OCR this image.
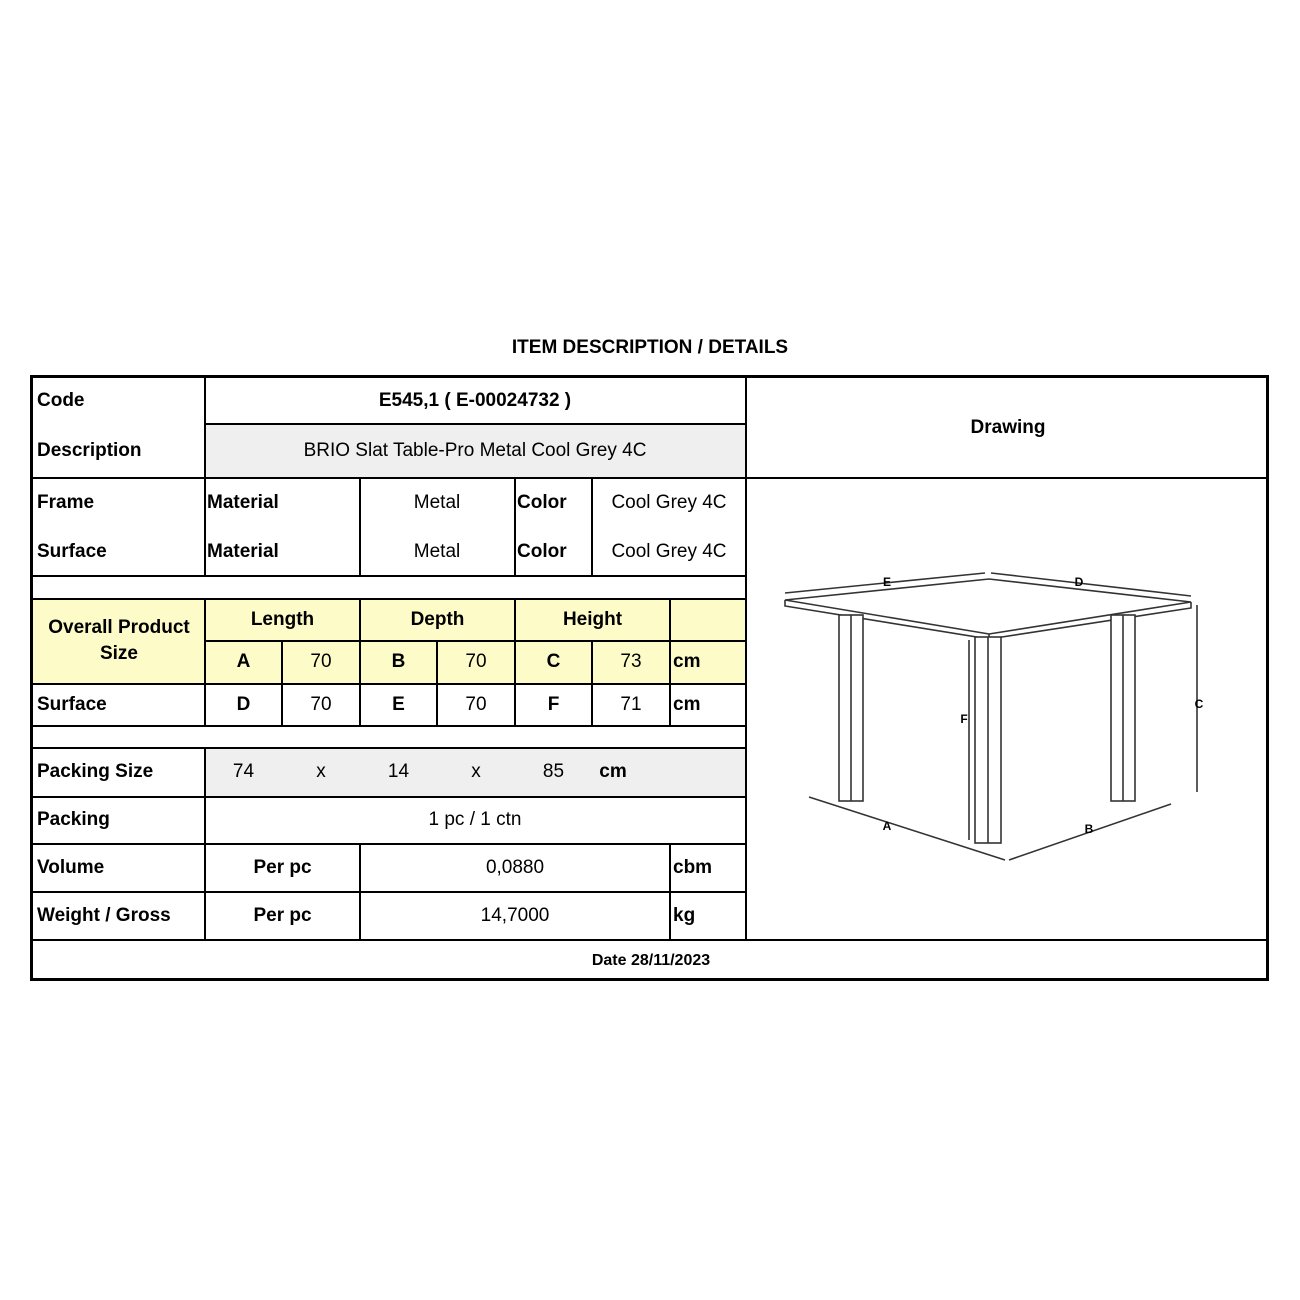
ITEM DESCRIPTION / DETAILS
Code	E545,1 ( E-00024732 )
Description	BRIO Slat Table-Pro Metal Cool Grey 4C
Drawing
Frame	Material	Metal	Color	Cool Grey 4C
Surface	Material	Metal	Color	Cool Grey 4C
Overall Product Size
Length	Depth	Height
A	70	B	70	C	73	cm
Surface	D	70	E	70	F	71	cm
Packing Size	74	x	14	x	85	cm
Packing	1 pc / 1 ctn
Volume	Per pc	0,0880	cbm
Weight / Gross	Per pc	14,7000	kg
Date 28/11/2023
E	D
A	B
C
F
